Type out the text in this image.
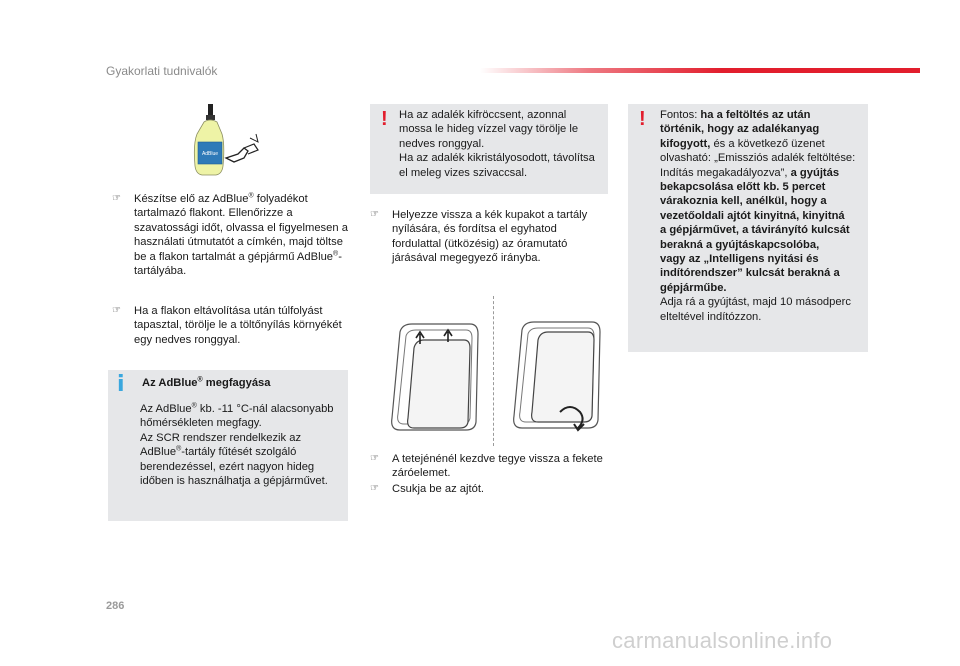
Gyakorlati tudnivalók
AdBlue
☞ Készítse elő az AdBlue® folyadékot
tartalmazó flakont. Ellenőrizze a
szavatossági időt, olvassa el figyelmesen a
használati útmutatót a címkén, majd töltse
be a flakon tartalmát a gépjármű AdBlue®-
tartályába.
☞ Ha a flakon eltávolítása után túlfolyást
tapasztal, törölje le a töltőnyílás környékét
egy nedves ronggyal.
i Az AdBlue® megfagyása
Az AdBlue® kb. -11 °C-nál alacsonyabb
hőmérsékleten megfagy.
Az SCR rendszer rendelkezik az
AdBlue®-tartály fűtését szolgáló
berendezéssel, ezért nagyon hideg
időben is használhatja a gépjárművet.
! Ha az adalék kifröccsent, azonnal
mossa le hideg vízzel vagy törölje le
nedves ronggyal.
Ha az adalék kikristályosodott, távolítsa
el meleg vizes szivaccsal.
☞ Helyezze vissza a kék kupakot a tartály
nyílására, és fordítsa el egyhatod
fordulattal (ütközésig) az óramutató
járásával megegyező irányba.
☞ A tetejénénél kezdve tegye vissza a fekete
záróelemet.
☞ Csukja be az ajtót.
! Fontos: ha a feltöltés az után
történik, hogy az adalékanyag
kifogyott, és a következő üzenet
olvasható: „Emissziós adalék feltöltése:
Indítás megakadályozva”, a gyújtás
bekapcsolása előtt kb. 5 percet
várakoznia kell, anélkül, hogy a
vezetőoldali ajtót kinyitná, kinyitná
a gépjárművet, a távirányító kulcsát
berakná a gyújtáskapcsolóba,
vagy az „Intelligens nyitási és
indítórendszer” kulcsát berakná a
gépjárműbe.
Adja rá a gyújtást, majd 10 másodperc
elteltével indítózzon.
286
carmanualsonline.info
